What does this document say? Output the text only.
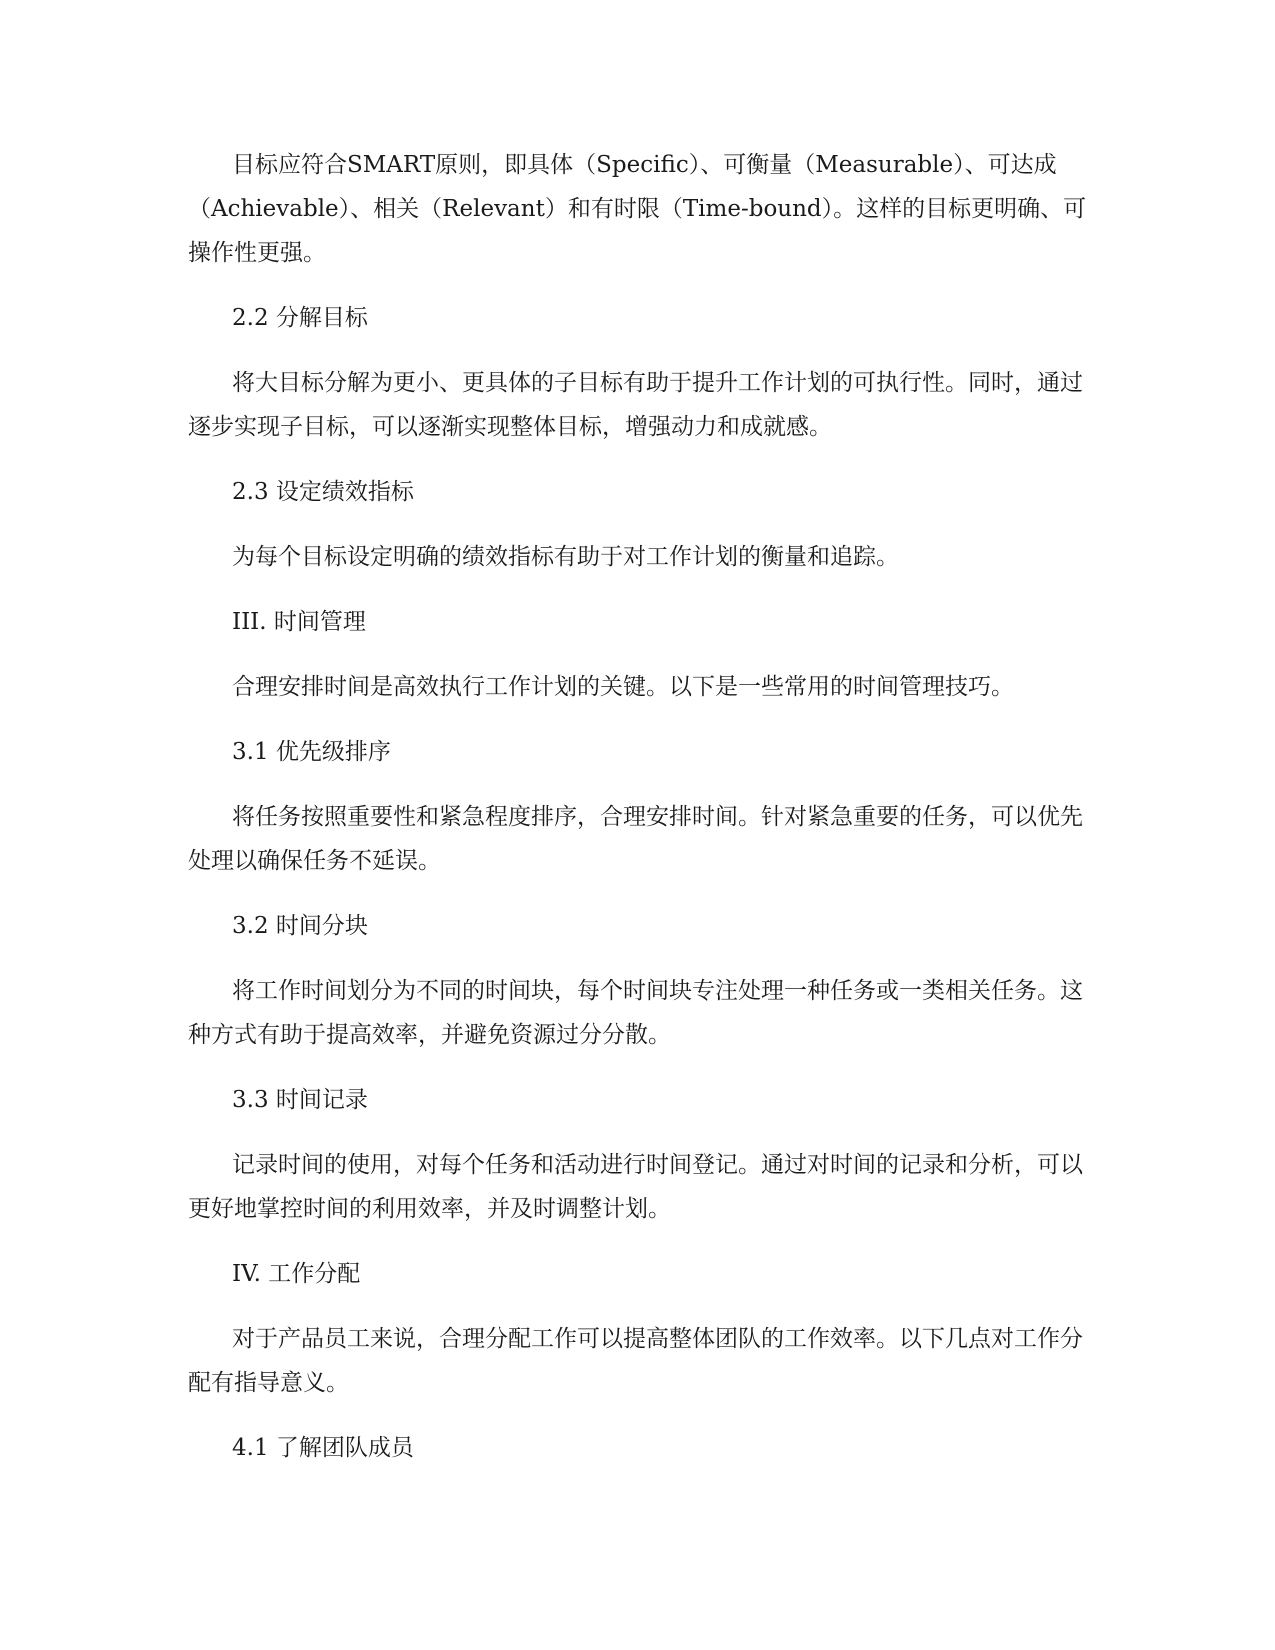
目标应符合SMART原则，即具体（Specific）、可衡量（Measurable）、可达成（Achievable）、相关（Relevant）和有时限（Time-bound）。这样的目标更明确、可操作性更强。

2.2 分解目标

将大目标分解为更小、更具体的子目标有助于提升工作计划的可执行性。同时，通过逐步实现子目标，可以逐渐实现整体目标，增强动力和成就感。

2.3 设定绩效指标

为每个目标设定明确的绩效指标有助于对工作计划的衡量和追踪。

III. 时间管理

合理安排时间是高效执行工作计划的关键。以下是一些常用的时间管理技巧。

3.1 优先级排序

将任务按照重要性和紧急程度排序，合理安排时间。针对紧急重要的任务，可以优先处理以确保任务不延误。

3.2 时间分块

将工作时间划分为不同的时间块，每个时间块专注处理一种任务或一类相关任务。这种方式有助于提高效率，并避免资源过分分散。

3.3 时间记录

记录时间的使用，对每个任务和活动进行时间登记。通过对时间的记录和分析，可以更好地掌控时间的利用效率，并及时调整计划。

IV. 工作分配

对于产品员工来说，合理分配工作可以提高整体团队的工作效率。以下几点对工作分配有指导意义。

4.1 了解团队成员
